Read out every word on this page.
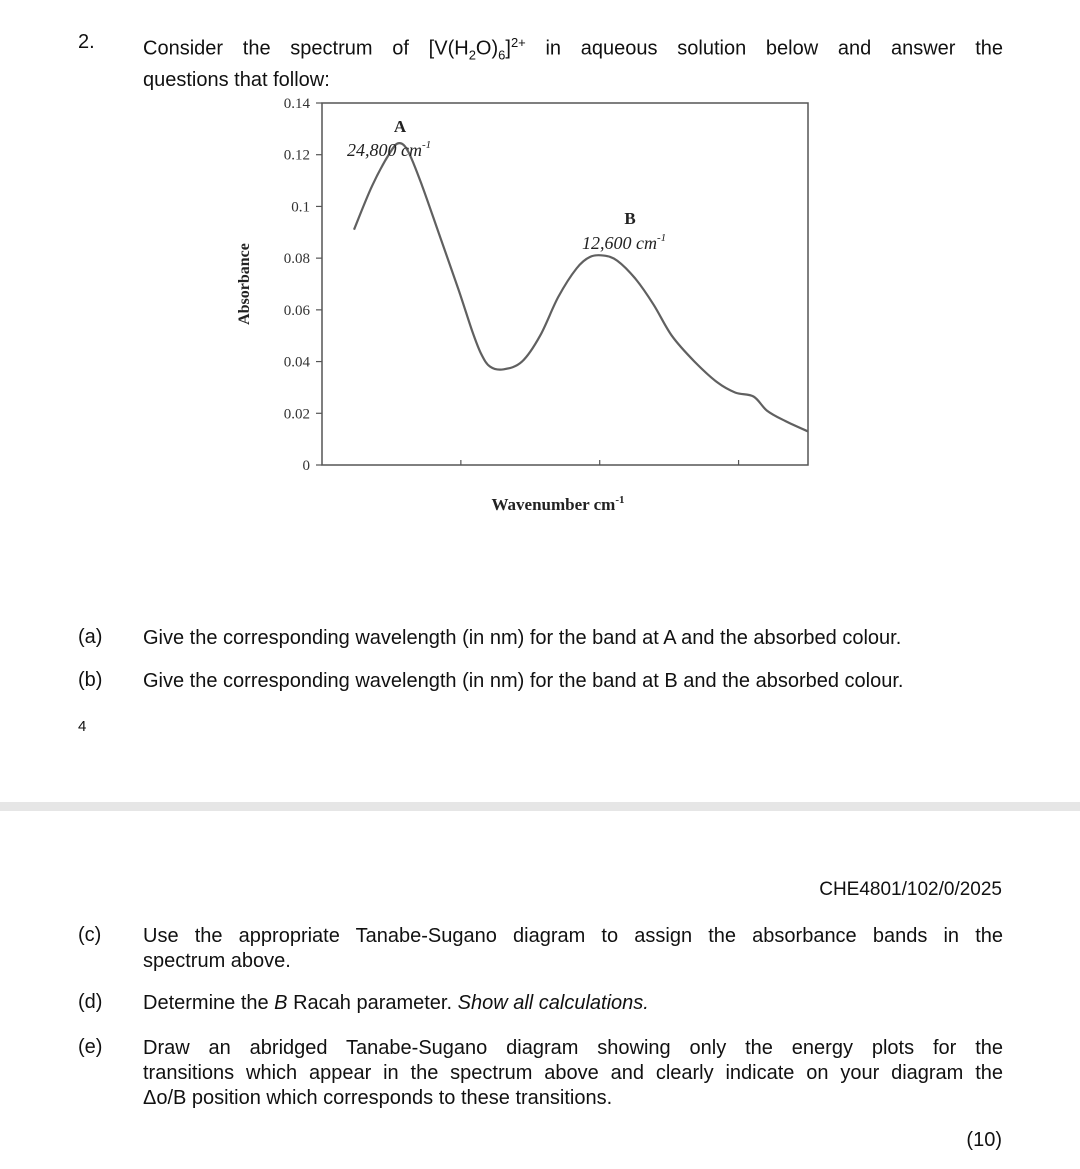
2. Consider the spectrum of $[V(H_2O)_6]^{2+}$ in aqueous solution below and answer the
questions that follow:
0
0.02
0.04
0.06
0.08
0.1
0.12
0.14
Absorbance
Wavenumber $cm^{-1}$
A
24,800 $cm^{-1}$
B
12,600 $cm^{-1}$
(a) Give the corresponding wavelength (in nm) for the band at A and the absorbed colour.
(b) Give the corresponding wavelength (in nm) for the band at B and the absorbed colour.
4
CHE4801/102/0/2025
(c) Use the appropriate Tanabe-Sugano diagram to assign the absorbance bands in the
spectrum above.
(d) Determine the B Racah parameter. Show all calculations.
(e) Draw an abridged Tanabe-Sugano diagram showing only the energy plots for the
transitions which appear in the spectrum above and clearly indicate on your diagram the
Δo/B position which corresponds to these transitions.
(10)
